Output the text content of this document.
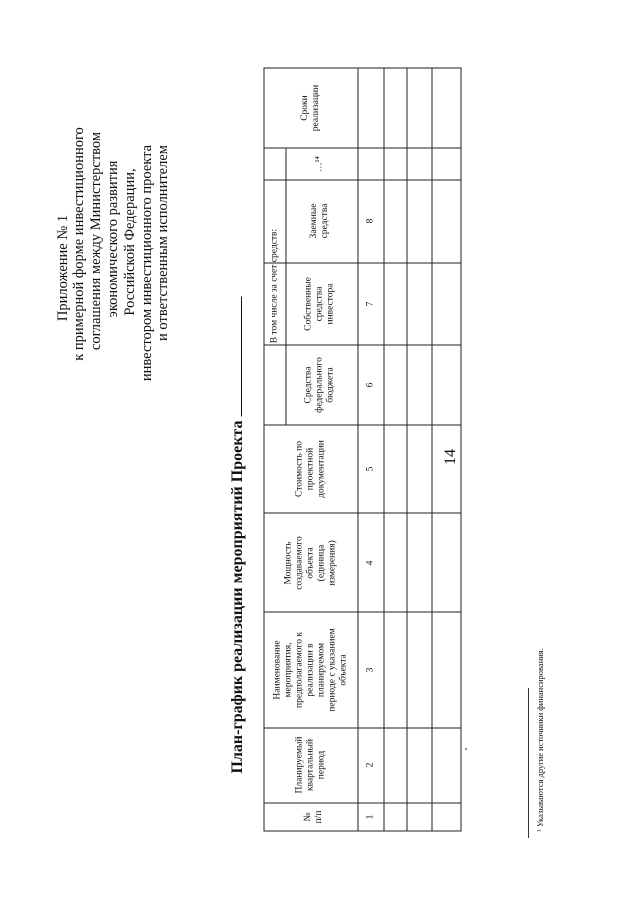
14
Приложение № 1 к примерной форме инвестиционного соглашения между Министерством экономического развития Российской Федерации, инвестором инвестиционного проекта и ответственным исполнителем
План-график реализации мероприятий Проекта
№
п/п
Планируемый
квартальный
период
Наименование
мероприятия,
предполагаемого к
реализации в
планируемом
периоде с указанием
объекта
Мощность
создаваемого
объекта
(единица
измерения)
Стоимость по
проектной
документации
В том числе за счет средств:
Средства
федерального
бюджета
Собственные
средства
инвестора
Заемные
средства
…¹⁴
Сроки
реализации
1
2
3
4
5
6
7
8
¹ Указываются другие источники финансирования.
